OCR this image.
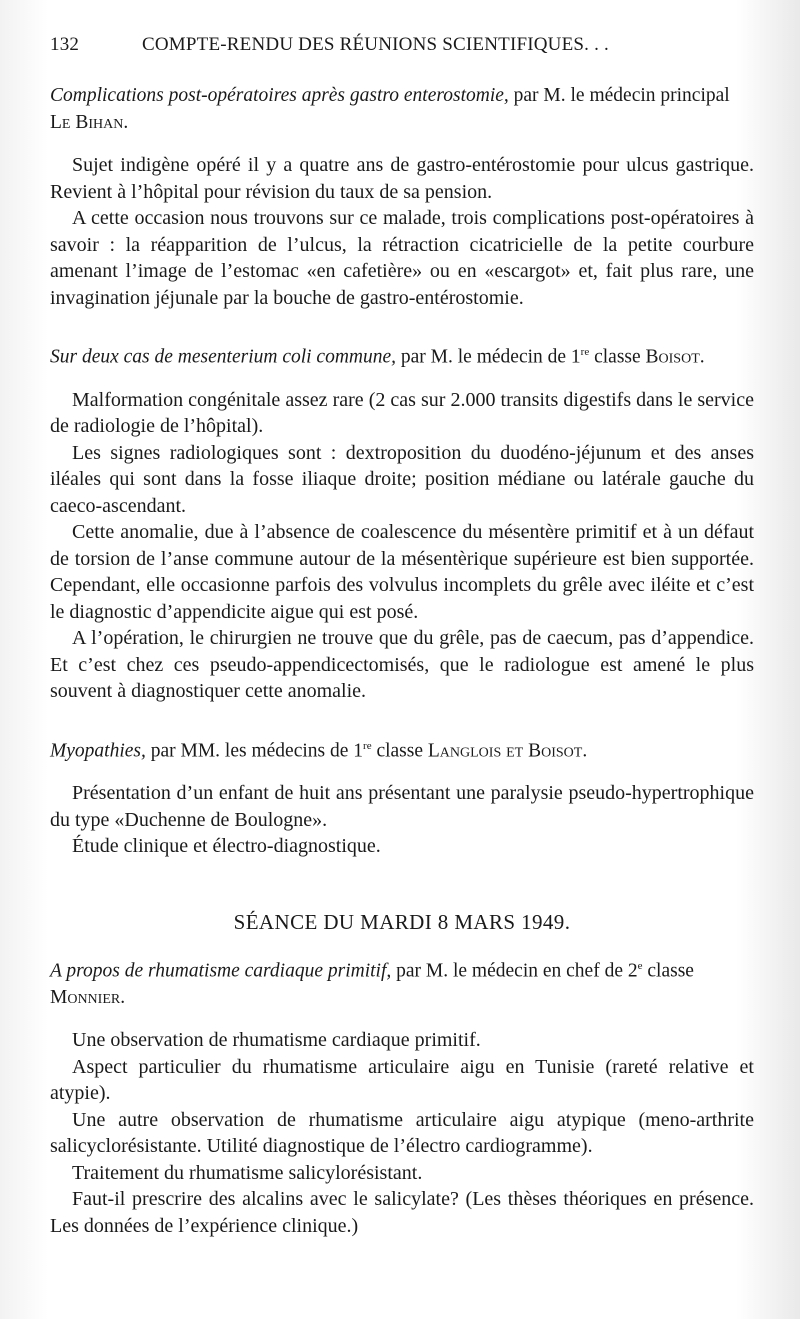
132	COMPTE-RENDU DES RÉUNIONS SCIENTIFIQUES. . .

Complications post-opératoires après gastro enterostomie, par M. le médecin principal Le Bihan.

Sujet indigène opéré il y a quatre ans de gastro-entérostomie pour ulcus gastrique. Revient à l’hôpital pour révision du taux de sa pension.

A cette occasion nous trouvons sur ce malade, trois complications post-opératoires à savoir : la réapparition de l’ulcus, la rétraction cicatricielle de la petite courbure amenant l’image de l’estomac «en cafetière» ou en «escargot» et, fait plus rare, une invagination jéjunale par la bouche de gastro-entérostomie.

Sur deux cas de mesenterium coli commune, par M. le médecin de 1re classe Boisot.

Malformation congénitale assez rare (2 cas sur 2.000 transits digestifs dans le service de radiologie de l’hôpital).

Les signes radiologiques sont : dextroposition du duodéno-jéjunum et des anses iléales qui sont dans la fosse iliaque droite; position médiane ou latérale gauche du caeco-ascendant.

Cette anomalie, due à l’absence de coalescence du mésentère primitif et à un défaut de torsion de l’anse commune autour de la mésentèrique supérieure est bien supportée. Cependant, elle occasionne parfois des volvulus incomplets du grêle avec iléite et c’est le diagnostic d’appendicite aigue qui est posé.

A l’opération, le chirurgien ne trouve que du grêle, pas de caecum, pas d’appendice. Et c’est chez ces pseudo-appendicectomisés, que le radiologue est amené le plus souvent à diagnostiquer cette anomalie.

Myopathies, par MM. les médecins de 1re classe Langlois et Boisot.

Présentation d’un enfant de huit ans présentant une paralysie pseudo-hypertrophique du type «Duchenne de Boulogne».

Étude clinique et électro-diagnostique.

SÉANCE DU MARDI 8 MARS 1949.

A propos de rhumatisme cardiaque primitif, par M. le médecin en chef de 2e classe Monnier.

Une observation de rhumatisme cardiaque primitif.

Aspect particulier du rhumatisme articulaire aigu en Tunisie (rareté relative et atypie).

Une autre observation de rhumatisme articulaire aigu atypique (meno-arthrite salicyclorésistante. Utilité diagnostique de l’électro cardiogramme).

Traitement du rhumatisme salicylorésistant.

Faut-il prescrire des alcalins avec le salicylate? (Les thèses théoriques en présence. Les données de l’expérience clinique.)
